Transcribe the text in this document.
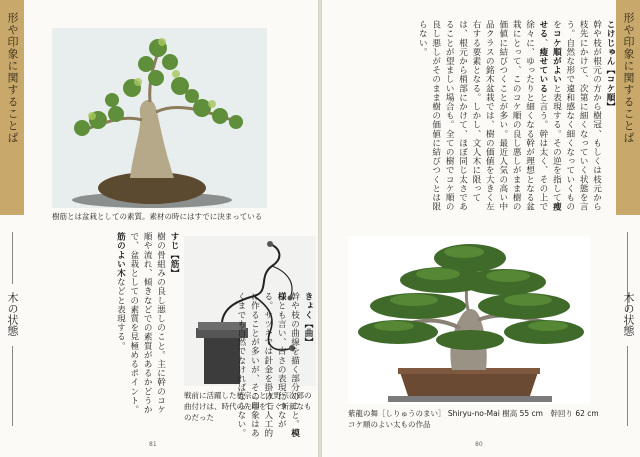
形や印象に関することば
木の状態
樹筋とは盆栽としての素質。素材の時にはすでに決まっている

すじ【筋】

樹の骨組みの良し悪しのこと。主に幹のコケ順や流れ、傾きなどでの素質があるかどうかで、盆栽としての素質を見極めるポイント。筋のよい木などと表現する。

戦前に活躍した植宗こと友野宗次郎の曲付けは、時代の先端を行く斬新なものだった
81
形や印象に関することば
木の状態

こけじゅん【コケ順】

幹や枝が根元の方から樹冠、もしくは枝元から枝先にかけて、次第に細くなっていく状態を言う。自然な形で違和感なく細くなっていくものをコケ順がよいと表現する。その逆を指して瘦せる、瘦せていると言う。幹は太く、その上で徐々に、ゆったりと細くなる幹が理想となる盆栽にとって、このコケ順の良し悪しがまま樹の価値に結びつくことが多い。最近人気の高い中品クラスの銘木盆栽では、樹の価値を大きく左右する要素となる。しかし、文人木に限っては、根元から梢部にかけて、ほぼ同じ太さであることが望ましい場合も。全ての樹でコケ順の良し悪しがそのまま樹の価値に結びつくとは限らない。

紫龍の舞［しりゅうのまい］ Shiryu-no-Mai 樹高 55 cm　幹回り 62 cm
コケ順のよい太もの作品
80

きょく【曲】

幹や枝の曲線を描く部分のこと。模様とも言い、古さの表現につながる。サツキでは針金を掛けて人工的に作ることが多いが、その印象はあくまでも自然でなければならない。
